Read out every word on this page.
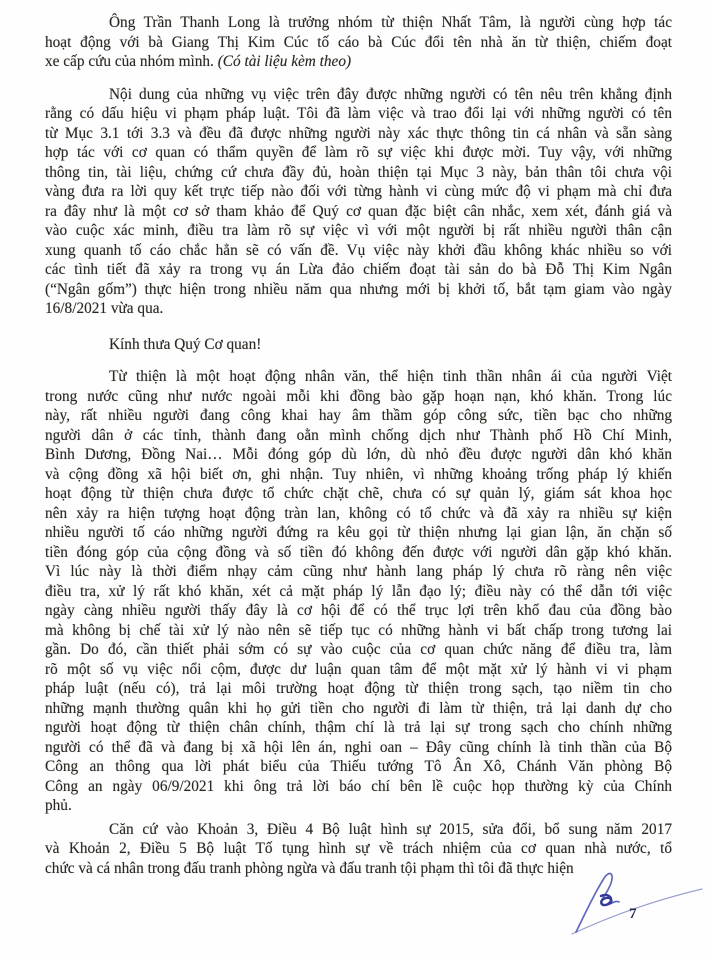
Ông Trần Thanh Long là trưởng nhóm từ thiện Nhất Tâm, là người cùng hợp tác
hoạt động với bà Giang Thị Kim Cúc tố cáo bà Cúc đổi tên nhà ăn từ thiện, chiếm đoạt
xe cấp cứu của nhóm mình. (Có tài liệu kèm theo)
Nội dung của những vụ việc trên đây được những người có tên nêu trên khẳng định
rằng có dấu hiệu vi phạm pháp luật. Tôi đã làm việc và trao đổi lại với những người có tên
từ Mục 3.1 tới 3.3 và đều đã được những người này xác thực thông tin cá nhân và sẵn sàng
hợp tác với cơ quan có thẩm quyền để làm rõ sự việc khi được mời. Tuy vậy, với những
thông tin, tài liệu, chứng cứ chưa đầy đủ, hoàn thiện tại Mục 3 này, bản thân tôi chưa vội
vàng đưa ra lời quy kết trực tiếp nào đối với từng hành vi cùng mức độ vi phạm mà chỉ đưa
ra đây như là một cơ sở tham khảo để Quý cơ quan đặc biệt cân nhắc, xem xét, đánh giá và
vào cuộc xác minh, điều tra làm rõ sự việc vì với một người bị rất nhiều người thân cận
xung quanh tố cáo chắc hẳn sẽ có vấn đề. Vụ việc này khởi đầu không khác nhiều so với
các tình tiết đã xảy ra trong vụ án Lừa đảo chiếm đoạt tài sản do bà Đỗ Thị Kim Ngân
(“Ngân gốm”) thực hiện trong nhiều năm qua nhưng mới bị khởi tố, bắt tạm giam vào ngày
16/8/2021 vừa qua.
Kính thưa Quý Cơ quan!
Từ thiện là một hoạt động nhân văn, thể hiện tinh thần nhân ái của người Việt
trong nước cũng như nước ngoài mỗi khi đồng bào gặp hoạn nạn, khó khăn. Trong lúc
này, rất nhiều người đang công khai hay âm thầm góp công sức, tiền bạc cho những
người dân ở các tỉnh, thành đang oằn mình chống dịch như Thành phố Hồ Chí Minh,
Bình Dương, Đồng Nai… Mỗi đóng góp dù lớn, dù nhỏ đều được người dân khó khăn
và cộng đồng xã hội biết ơn, ghi nhận. Tuy nhiên, vì những khoảng trống pháp lý khiến
hoạt động từ thiện chưa được tổ chức chặt chẽ, chưa có sự quản lý, giám sát khoa học
nên xảy ra hiện tượng hoạt động tràn lan, không có tổ chức và đã xảy ra nhiều sự kiện
nhiều người tố cáo những người đứng ra kêu gọi từ thiện nhưng lại gian lận, ăn chặn số
tiền đóng góp của cộng đồng và số tiền đó không đến được với người dân gặp khó khăn.
Vì lúc này là thời điểm nhạy cảm cũng như hành lang pháp lý chưa rõ ràng nên việc
điều tra, xử lý rất khó khăn, xét cả mặt pháp lý lẫn đạo lý; điều này có thể dẫn tới việc
ngày càng nhiều người thấy đây là cơ hội để có thể trục lợi trên khổ đau của đồng bào
mà không bị chế tài xử lý nào nên sẽ tiếp tục có những hành vi bất chấp trong tương lai
gần. Do đó, cần thiết phải sớm có sự vào cuộc của cơ quan chức năng để điều tra, làm
rõ một số vụ việc nổi cộm, được dư luận quan tâm để một mặt xử lý hành vi vi phạm
pháp luật (nếu có), trả lại môi trường hoạt động từ thiện trong sạch, tạo niềm tin cho
những mạnh thường quân khi họ gửi tiền cho người đi làm từ thiện, trả lại danh dự cho
người hoạt động từ thiện chân chính, thậm chí là trả lại sự trong sạch cho chính những
người có thể đã và đang bị xã hội lên án, nghi oan – Đây cũng chính là tinh thần của Bộ
Công an thông qua lời phát biểu của Thiếu tướng Tô Ân Xô, Chánh Văn phòng Bộ
Công an ngày 06/9/2021 khi ông trả lời báo chí bên lề cuộc họp thường kỳ của Chính
phủ.
Căn cứ vào Khoản 3, Điều 4 Bộ luật hình sự 2015, sửa đổi, bổ sung năm 2017
và Khoản 2, Điều 5 Bộ luật Tố tụng hình sự về trách nhiệm của cơ quan nhà nước, tổ
chức và cá nhân trong đấu tranh phòng ngừa và đấu tranh tội phạm thì tôi đã thực hiện
7
